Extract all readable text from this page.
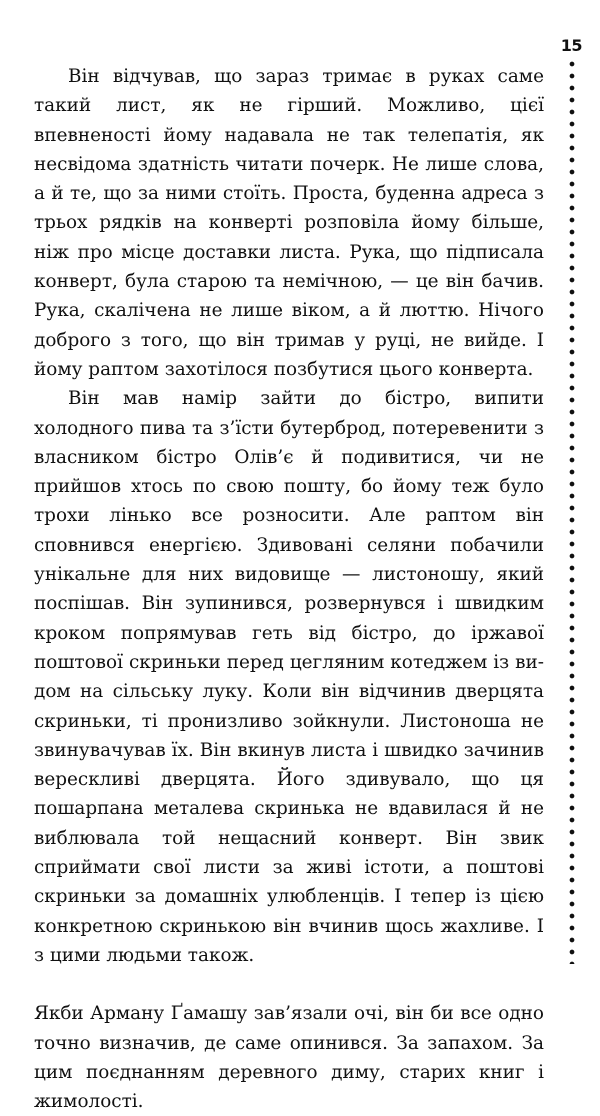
15

Він відчував, що зараз тримає в руках саме такий лист, як не гірший. Можливо, цієї впевненості йому надавала не так телепатія, як несвідома здатність читати почерк. Не лише слова, а й те, що за ними стоїть. Проста, буденна адреса з трьох рядків на конверті розповіла йому більше, ніж про місце доставки листа. Рука, що підписала конверт, була старою та немічною, — це він бачив. Рука, скалічена не лише віком, а й люттю. Нічого доброго з того, що він тримав у руці, не вийде. І йому раптом захотілося позбутися цього конверта.

Він мав намір зайти до бістро, випити холодного пива та з’їсти бутерброд, потеревенити з власником бістро Олів’є й подивитися, чи не прийшов хтось по свою пошту, бо йому теж було трохи лінько все розносити. Але раптом він сповнився енергією. Здивовані селяни побачили унікальне для них видовище — листоношу, який поспішав. Він зупинився, розвернувся і швидким кроком попрямував геть від бістро, до іржавої поштової скриньки перед цегляним котеджем із видом на сільську луку. Коли він відчинив дверцята скриньки, ті пронизливо зойкнули. Листоноша не звинувачував їх. Він вкинув листа і швидко зачинив верескливі дверцята. Його здивувало, що ця пошарпана металева скринька не вдавилася й не виблювала той нещасний конверт. Він звик сприймати свої листи за живі істоти, а поштові скриньки за домашніх улюбленців. І тепер із цією конкретною скринькою він вчинив щось жахливе. І з цими людьми також.

Якби Арману Ґамашу зав’язали очі, він би все одно точно визначив, де саме опинився. За запахом. За цим поєднанням деревного диму, старих книг і жимолості.
